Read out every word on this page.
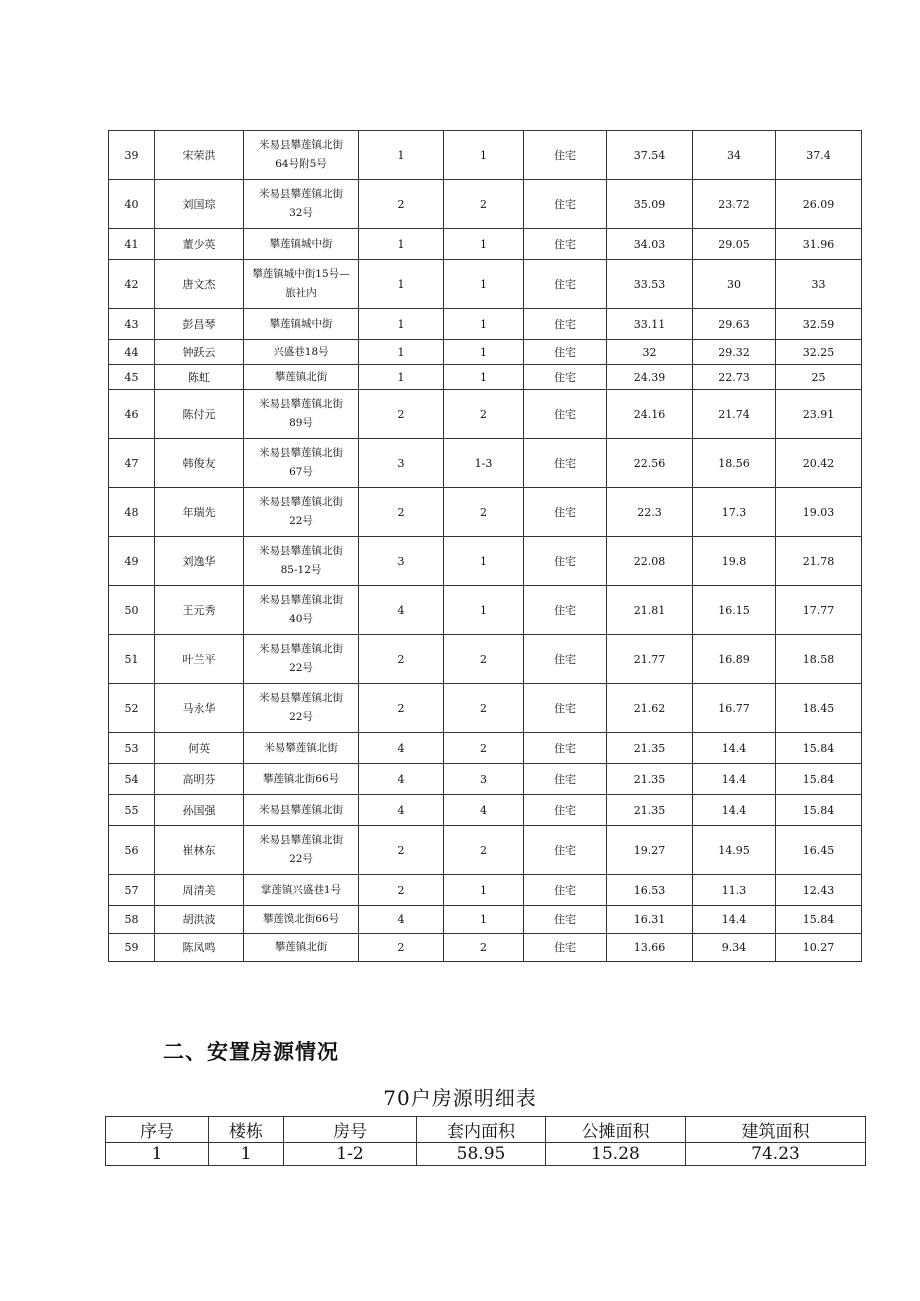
39	宋荣洪	米易县攀莲镇北街
64号附5号	1	1	住宅	37.54	34	37.4
40	刘国琮	米易县攀莲镇北街
32号	2	2	住宅	35.09	23.72	26.09
41	董少英	攀莲镇城中街	1	1	住宅	34.03	29.05	31.96
42	唐文杰	攀莲镇城中街15号—
旅社内	1	1	住宅	33.53	30	33
43	彭昌琴	攀莲镇城中街	1	1	住宅	33.11	29.63	32.59
44	钟跃云	兴盛巷18号	1	1	住宅	32	29.32	32.25
45	陈虹	攀莲镇北街	1	1	住宅	24.39	22.73	25
46	陈付元	米易县攀莲镇北街
89号	2	2	住宅	24.16	21.74	23.91
47	韩俊友	米易县攀莲镇北街
67号	3	1-3	住宅	22.56	18.56	20.42
48	年瑞先	米易县攀莲镇北街
22号	2	2	住宅	22.3	17.3	19.03
49	刘逸华	米易县攀莲镇北街
85-12号	3	1	住宅	22.08	19.8	21.78
50	王元秀	米易县攀莲镇北街
40号	4	1	住宅	21.81	16.15	17.77
51	叶兰平	米易县攀莲镇北街
22号	2	2	住宅	21.77	16.89	18.58
52	马永华	米易县攀莲镇北街
22号	2	2	住宅	21.62	16.77	18.45
53	何英	米易攀莲镇北街	4	2	住宅	21.35	14.4	15.84
54	高明芬	攀莲镇北街66号	4	3	住宅	21.35	14.4	15.84
55	孙国强	米易县攀莲镇北街	4	4	住宅	21.35	14.4	15.84
56	崔林东	米易县攀莲镇北街
22号	2	2	住宅	19.27	14.95	16.45
57	周清美	掌莲镇兴盛巷1号	2	1	住宅	16.53	11.3	12.43
58	胡洪波	攀莲馍北街66号	4	1	住宅	16.31	14.4	15.84
59	陈凤鸣	攀莲镇北街	2	2	住宅	13.66	9.34	10.27
二、安置房源情况
70户房源明细表
序号	楼栋	房号	套内面积	公摊面积	建筑面积
1	1	1-2	58.95	15.28	74.23
